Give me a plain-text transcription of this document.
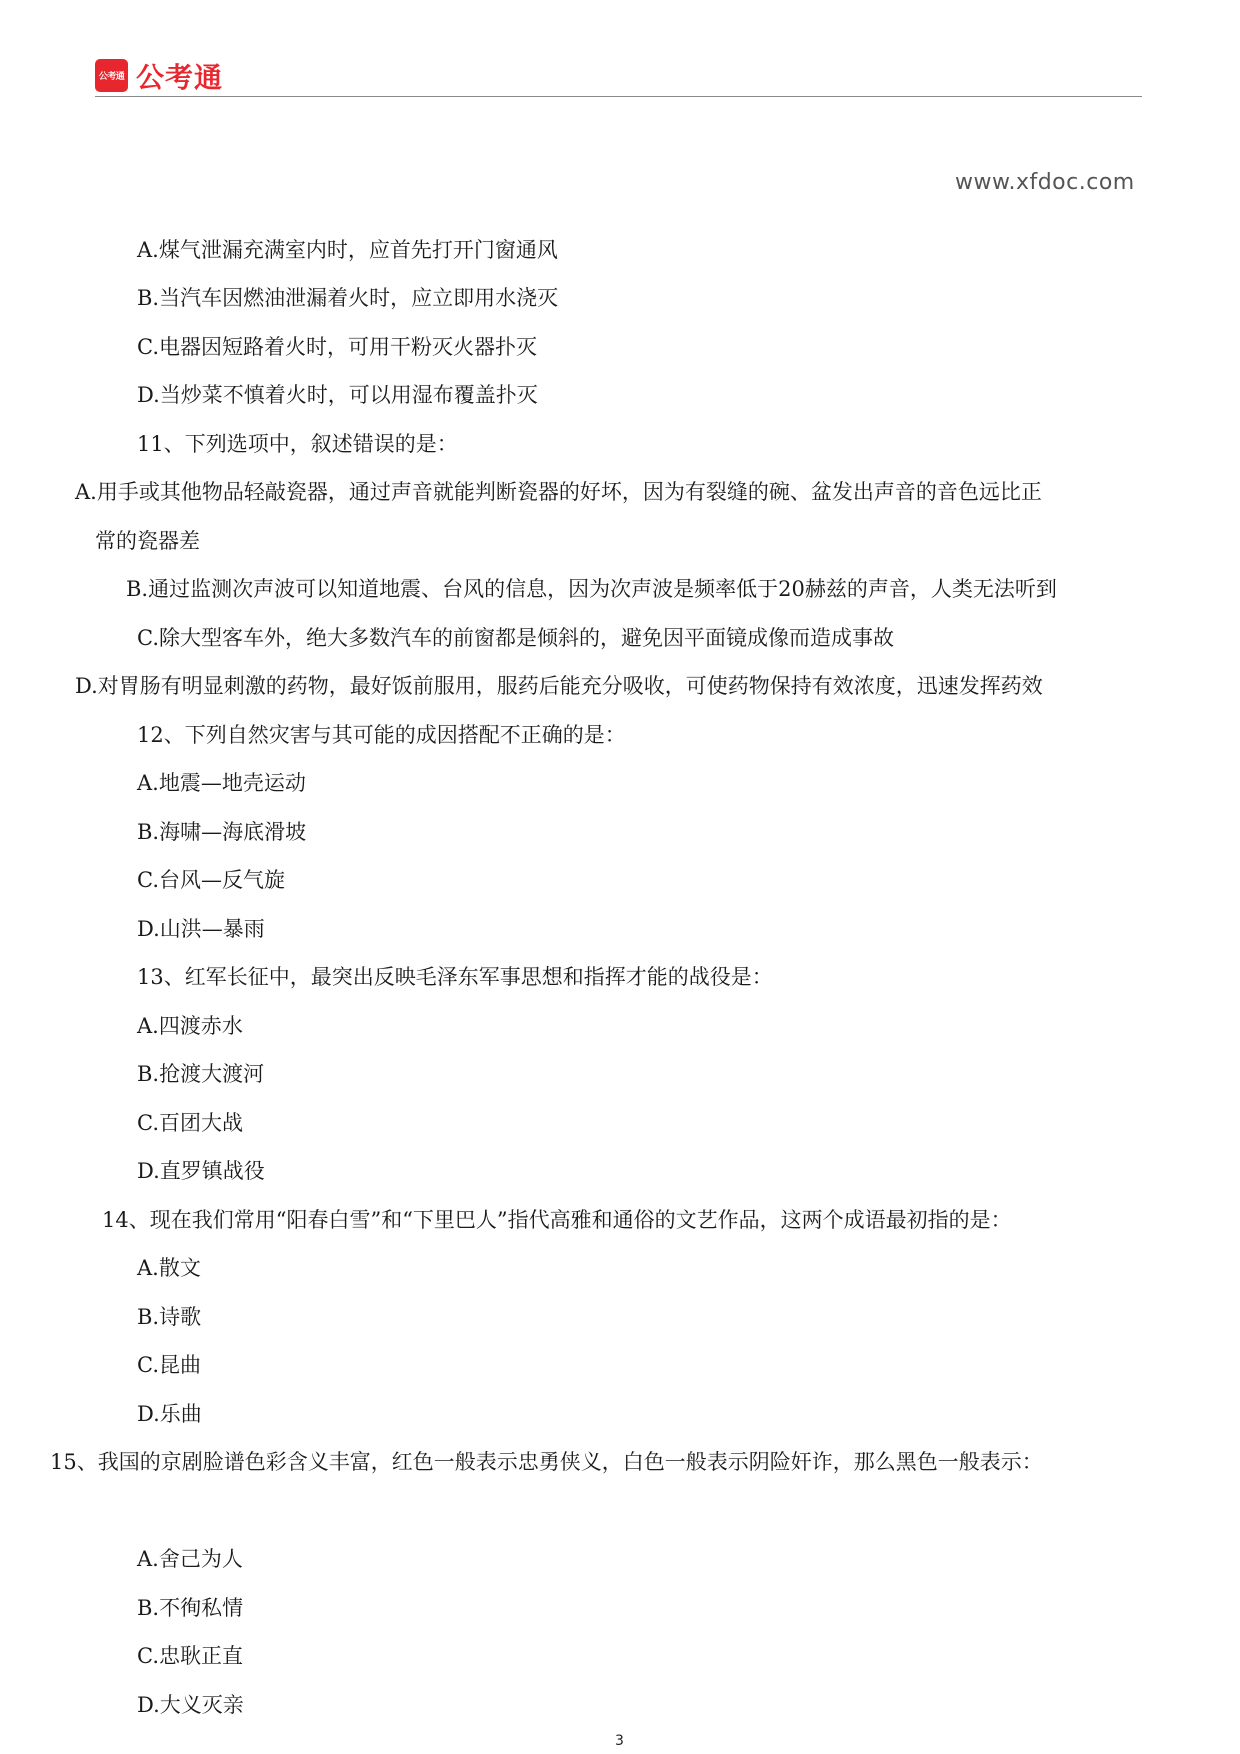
公考通 公考通
www.xfdoc.com
A.煤气泄漏充满室内时，应首先打开门窗通风
B.当汽车因燃油泄漏着火时，应立即用水浇灭
C.电器因短路着火时，可用干粉灭火器扑灭
D.当炒菜不慎着火时，可以用湿布覆盖扑灭
11、下列选项中，叙述错误的是：
A.用手或其他物品轻敲瓷器，通过声音就能判断瓷器的好坏，因为有裂缝的碗、盆发出声音的音色远比正
常的瓷器差
B.通过监测次声波可以知道地震、台风的信息，因为次声波是频率低于20赫兹的声音，人类无法听到
C.除大型客车外，绝大多数汽车的前窗都是倾斜的，避免因平面镜成像而造成事故
D.对胃肠有明显刺激的药物，最好饭前服用，服药后能充分吸收，可使药物保持有效浓度，迅速发挥药效
12、下列自然灾害与其可能的成因搭配不正确的是：
A.地震—地壳运动
B.海啸—海底滑坡
C.台风—反气旋
D.山洪—暴雨
13、红军长征中，最突出反映毛泽东军事思想和指挥才能的战役是：
A.四渡赤水
B.抢渡大渡河
C.百团大战
D.直罗镇战役
14、现在我们常用“阳春白雪”和“下里巴人”指代高雅和通俗的文艺作品，这两个成语最初指的是：
A.散文
B.诗歌
C.昆曲
D.乐曲
15、我国的京剧脸谱色彩含义丰富，红色一般表示忠勇侠义，白色一般表示阴险奸诈，那么黑色一般表示：
A.舍己为人
B.不徇私情
C.忠耿正直
D.大义灭亲
3
